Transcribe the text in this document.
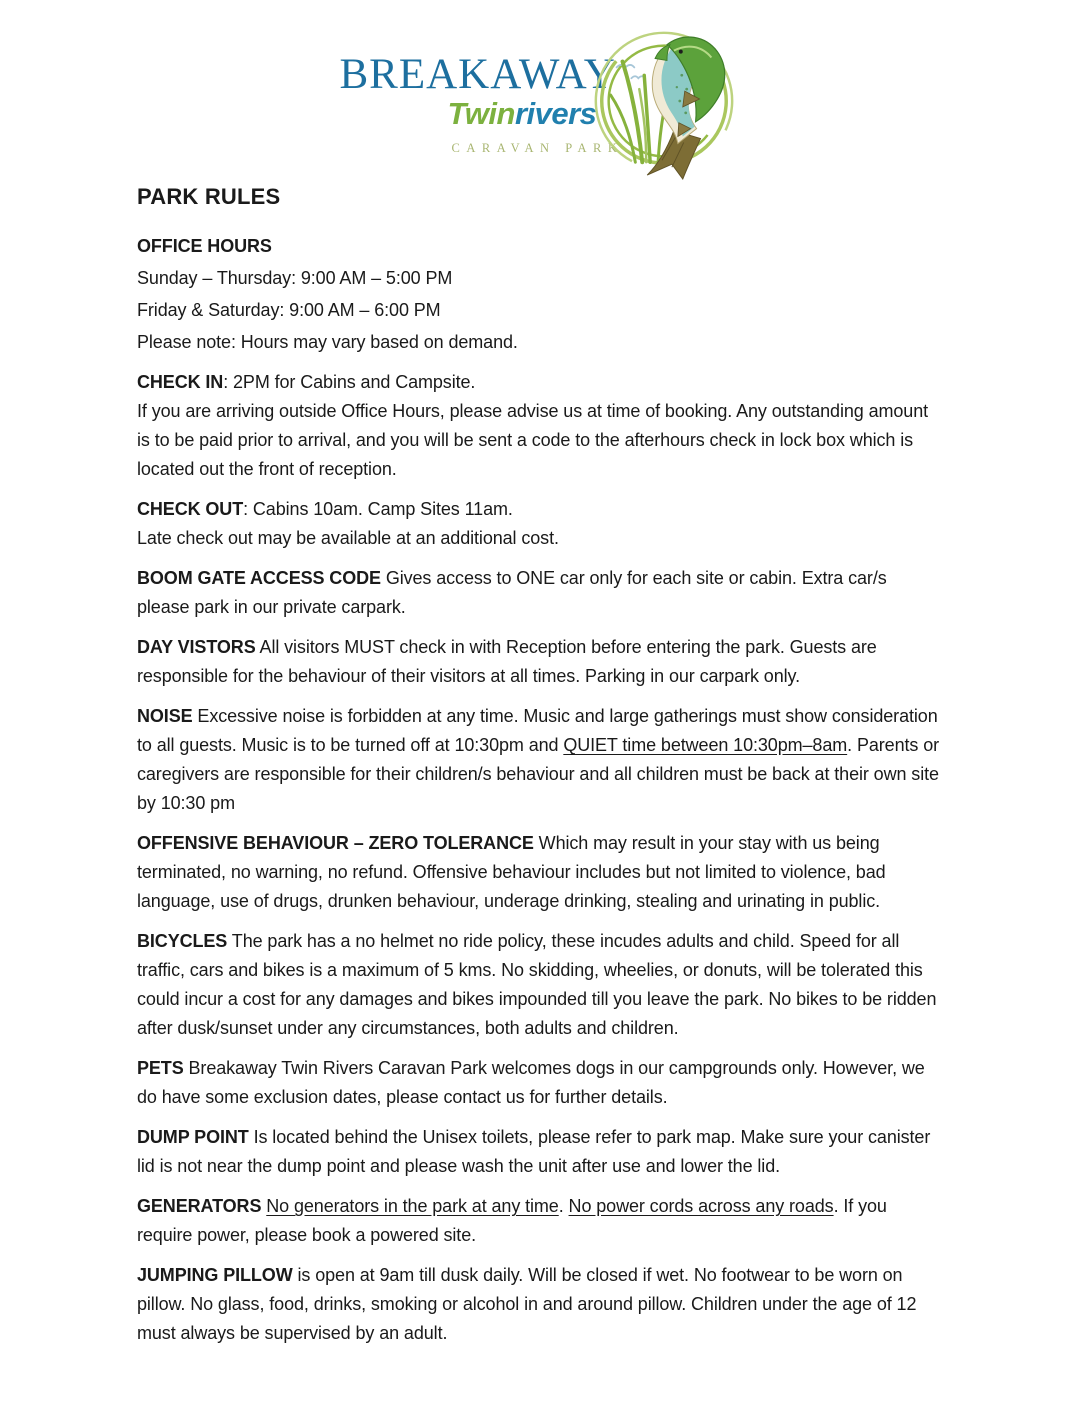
BREAKAWAY
Twinrivers
CARAVAN PARK
PARK RULES

OFFICE HOURS

Sunday – Thursday: 9:00 AM – 5:00 PM

Friday & Saturday: 9:00 AM – 6:00 PM

Please note: Hours may vary based on demand.

CHECK IN: 2PM for Cabins and Campsite.
If you are arriving outside Office Hours, please advise us at time of booking. Any outstanding amount is to be paid prior to arrival, and you will be sent a code to the afterhours check in lock box which is located out the front of reception.

CHECK OUT: Cabins 10am. Camp Sites 11am.
Late check out may be available at an additional cost.

BOOM GATE ACCESS CODE Gives access to ONE car only for each site or cabin. Extra car/s please park in our private carpark.

DAY VISTORS All visitors MUST check in with Reception before entering the park. Guests are responsible for the behaviour of their visitors at all times. Parking in our carpark only.

NOISE Excessive noise is forbidden at any time. Music and large gatherings must show consideration to all guests. Music is to be turned off at 10:30pm and QUIET time between 10:30pm–8am. Parents or caregivers are responsible for their children/s behaviour and all children must be back at their own site by 10:30 pm

OFFENSIVE BEHAVIOUR – ZERO TOLERANCE Which may result in your stay with us being terminated, no warning, no refund. Offensive behaviour includes but not limited to violence, bad language, use of drugs, drunken behaviour, underage drinking, stealing and urinating in public.

BICYCLES The park has a no helmet no ride policy, these incudes adults and child. Speed for all traffic, cars and bikes is a maximum of 5 kms. No skidding, wheelies, or donuts, will be tolerated this could incur a cost for any damages and bikes impounded till you leave the park. No bikes to be ridden after dusk/sunset under any circumstances, both adults and children.

PETS Breakaway Twin Rivers Caravan Park welcomes dogs in our campgrounds only. However, we do have some exclusion dates, please contact us for further details.

DUMP POINT Is located behind the Unisex toilets, please refer to park map. Make sure your canister lid is not near the dump point and please wash the unit after use and lower the lid.

GENERATORS No generators in the park at any time. No power cords across any roads. If you require power, please book a powered site.

JUMPING PILLOW is open at 9am till dusk daily. Will be closed if wet. No footwear to be worn on pillow. No glass, food, drinks, smoking or alcohol in and around pillow. Children under the age of 12 must always be supervised by an adult.
